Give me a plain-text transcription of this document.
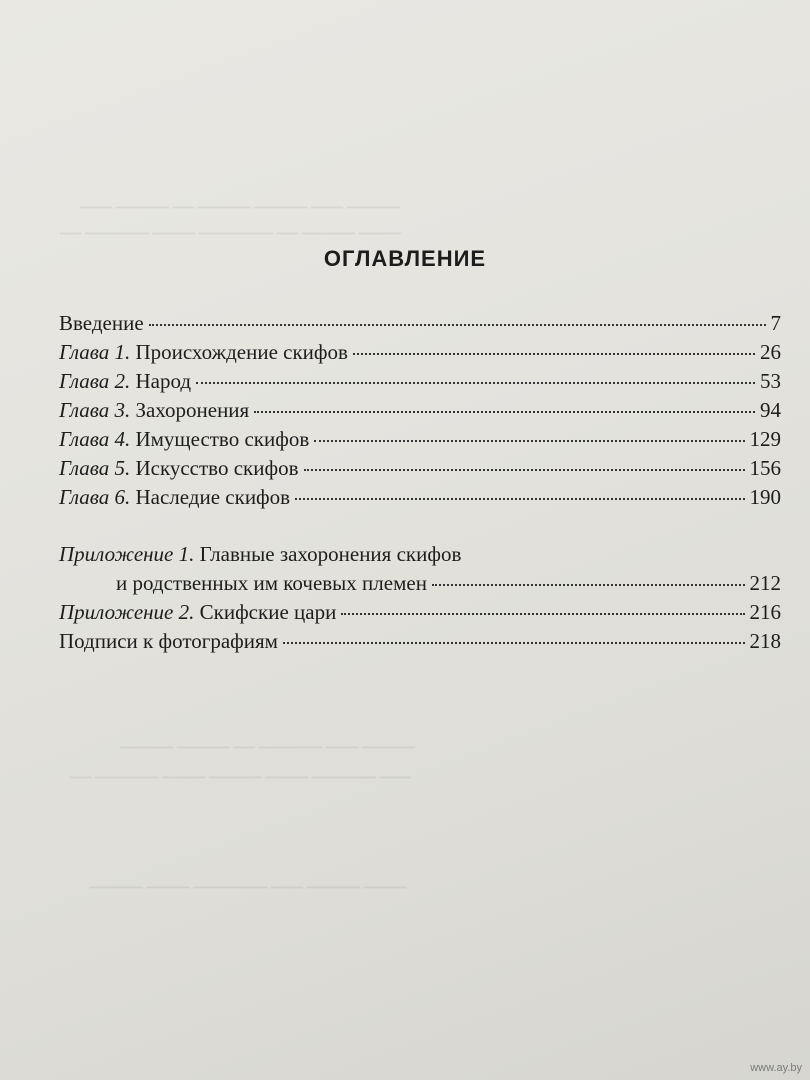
───── ─── ───── ───── ── ───── ───
──── ───── ── ─────── ──── ────── ──
───── ─── ────── ── ───── ─────
─── ────── ──── ───── ──── ────── ──
──── ───── ─── ─────── ──── ─────
ОГЛАВЛЕНИЕ
Введение	7
Глава 1. Происхождение скифов	26
Глава 2. Народ	53
Глава 3. Захоронения	94
Глава 4. Имущество скифов	129
Глава 5. Искусство скифов	156
Глава 6. Наследие скифов	190
Приложение 1. Главные захоронения скифов
и родственных им кочевых племен	212
Приложение 2. Скифские цари	216
Подписи к фотографиям	218
www.ay.by
